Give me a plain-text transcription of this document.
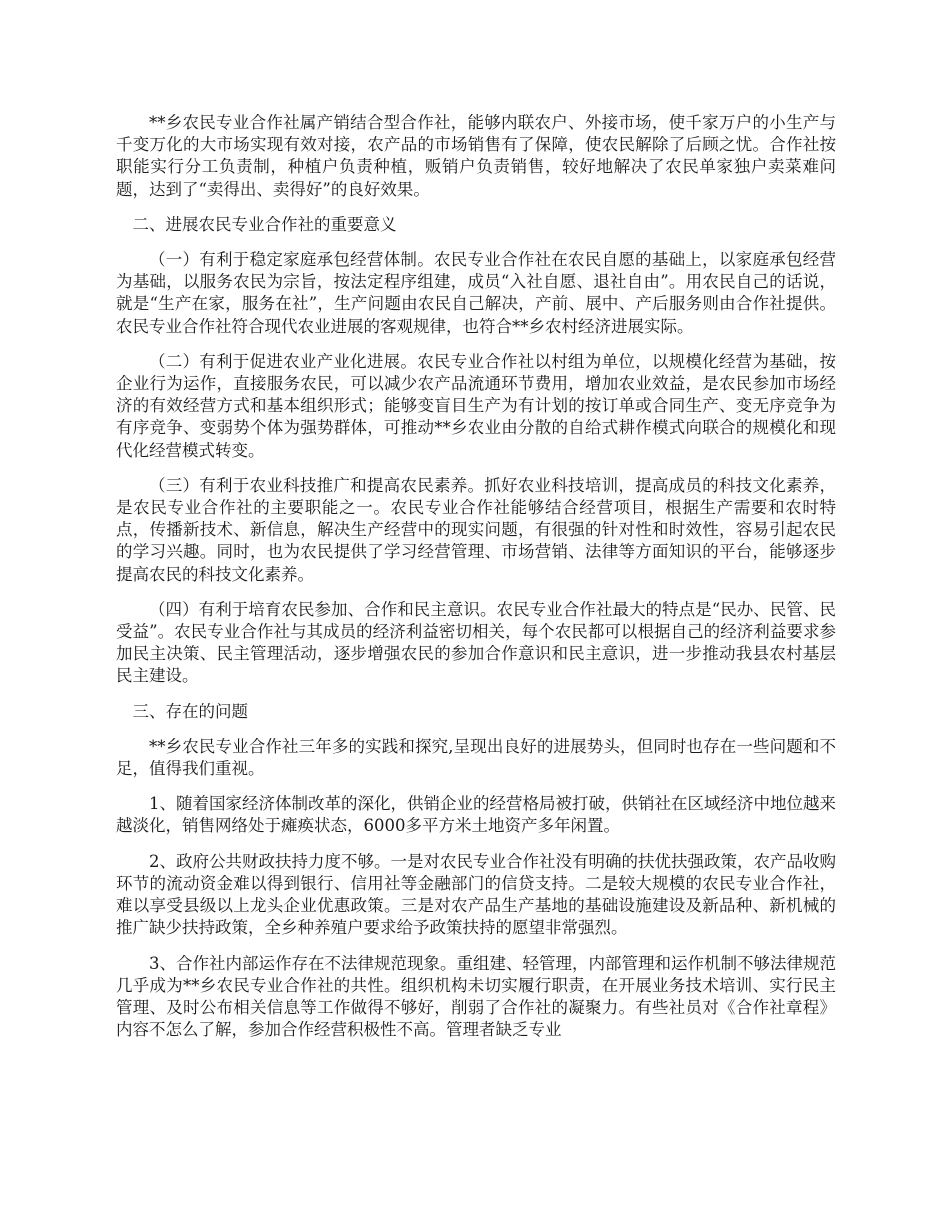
**乡农民专业合作社属产销结合型合作社，能够内联农户、外接市场，使千家万户的小生产与千变万化的大市场实现有效对接，农产品的市场销售有了保障，使农民解除了后顾之忧。合作社按职能实行分工负责制，种植户负责种植，贩销户负责销售，较好地解决了农民单家独户卖菜难问题，达到了“卖得出、卖得好”的良好效果。

二、进展农民专业合作社的重要意义

（一）有利于稳定家庭承包经营体制。农民专业合作社在农民自愿的基础上，以家庭承包经营为基础，以服务农民为宗旨，按法定程序组建，成员“入社自愿、退社自由”。用农民自己的话说，就是“生产在家，服务在社”，生产问题由农民自己解决，产前、展中、产后服务则由合作社提供。农民专业合作社符合现代农业进展的客观规律，也符合**乡农村经济进展实际。

（二）有利于促进农业产业化进展。农民专业合作社以村组为单位，以规模化经营为基础，按企业行为运作，直接服务农民，可以减少农产品流通环节费用，增加农业效益，是农民参加市场经济的有效经营方式和基本组织形式；能够变盲目生产为有计划的按订单或合同生产、变无序竞争为有序竞争、变弱势个体为强势群体，可推动**乡农业由分散的自给式耕作模式向联合的规模化和现代化经营模式转变。

（三）有利于农业科技推广和提高农民素养。抓好农业科技培训，提高成员的科技文化素养，是农民专业合作社的主要职能之一。农民专业合作社能够结合经营项目，根据生产需要和农时特点，传播新技术、新信息，解决生产经营中的现实问题，有很强的针对性和时效性，容易引起农民的学习兴趣。同时，也为农民提供了学习经营管理、市场营销、法律等方面知识的平台，能够逐步提高农民的科技文化素养。

（四）有利于培育农民参加、合作和民主意识。农民专业合作社最大的特点是“民办、民管、民受益”。农民专业合作社与其成员的经济利益密切相关，每个农民都可以根据自己的经济利益要求参加民主决策、民主管理活动，逐步增强农民的参加合作意识和民主意识，进一步推动我县农村基层民主建设。

三、存在的问题

**乡农民专业合作社三年多的实践和探究,呈现出良好的进展势头，但同时也存在一些问题和不足，值得我们重视。

1、随着国家经济体制改革的深化，供销企业的经营格局被打破，供销社在区域经济中地位越来越淡化，销售网络处于瘫痪状态，6000多平方米土地资产多年闲置。

2、政府公共财政扶持力度不够。一是对农民专业合作社没有明确的扶优扶强政策，农产品收购环节的流动资金难以得到银行、信用社等金融部门的信贷支持。二是较大规模的农民专业合作社，难以享受县级以上龙头企业优惠政策。三是对农产品生产基地的基础设施建设及新品种、新机械的推广缺少扶持政策，全乡种养殖户要求给予政策扶持的愿望非常强烈。

3、合作社内部运作存在不法律规范现象。重组建、轻管理，内部管理和运作机制不够法律规范几乎成为**乡农民专业合作社的共性。组织机构未切实履行职责，在开展业务技术培训、实行民主管理、及时公布相关信息等工作做得不够好，削弱了合作社的凝聚力。有些社员对《合作社章程》内容不怎么了解，参加合作经营积极性不高。管理者缺乏专业
